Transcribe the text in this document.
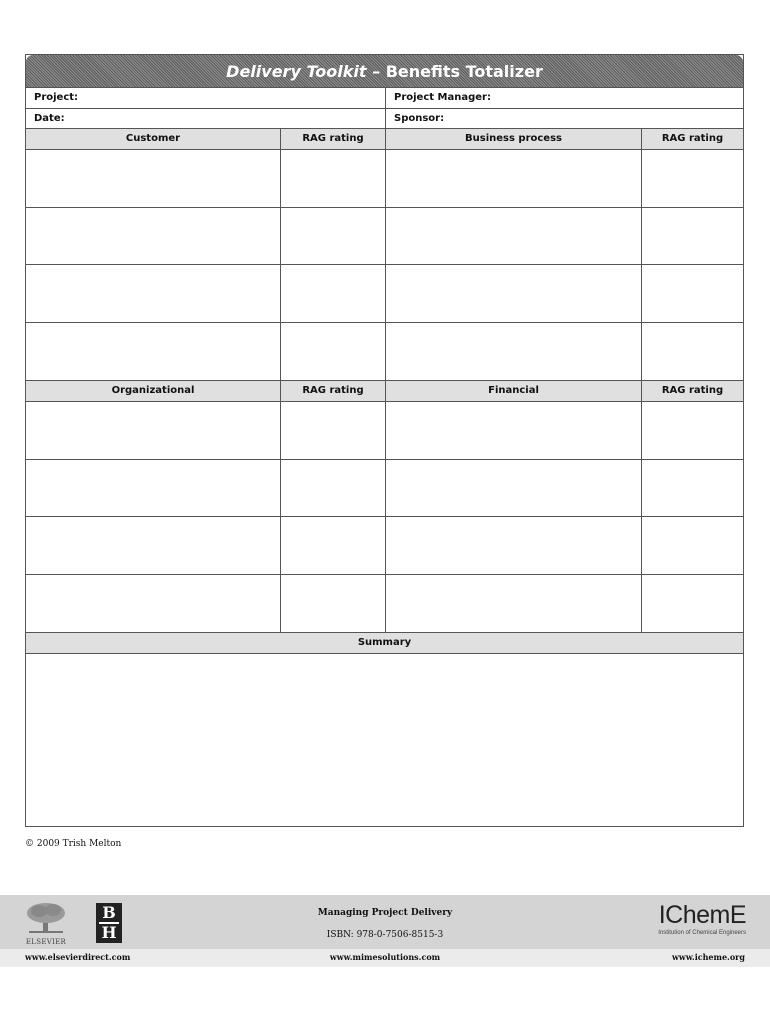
Delivery Toolkit – Benefits Totalizer
Project:	Project Manager:
Date:	Sponsor:
Customer	RAG rating	Business process	RAG rating
Organizational	RAG rating	Financial	RAG rating
Summary
© 2009 Trish Melton
ELSEVIER
B
H
Managing Project Delivery
ISBN: 978-0-7506-8515-3
IChemE
Institution of Chemical Engineers
www.elsevierdirect.com	www.mimesolutions.com	www.icheme.org
